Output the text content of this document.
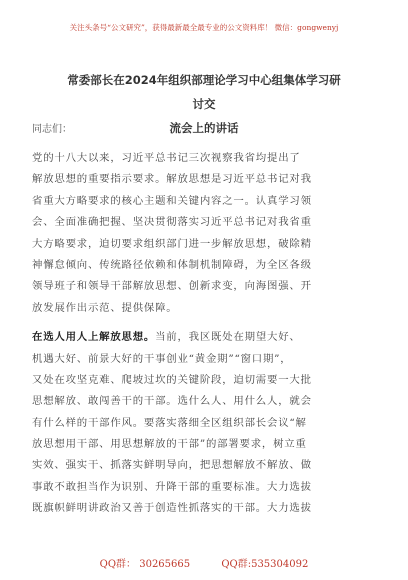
关注头条号“公文研究”，获得最新最全最专业的公文资料库！ 微信：gongwenyj
常委部长在2024年组织部理论学习中心组集体学习研讨交
流会上的讲话
同志们：
党的十八大以来，习近平总书记三次视察我省均提出了
解放思想的重要指示要求。解放思想是习近平总书记对我
省重大方略要求的核心主题和关键内容之一。认真学习领
会、全面准确把握、坚决贯彻落实习近平总书记对我省重
大方略要求，迫切要求组织部门进一步解放思想，破除精
神懈怠倾向、传统路径依赖和体制机制障碍，为全区各级
领导班子和领导干部解放思想、创新求变，向海图强、开
放发展作出示范、提供保障。
在选人用人上解放思想。当前，我区既处在期望大好、
机遇大好、前景大好的干事创业“黄金期”“窗口期”，
又处在攻坚克难、爬坡过坎的关键阶段，迫切需要一大批
思想解放、敢闯善干的干部。选什么人、用什么人，就会
有什么样的干部作风。要落实落细全区组织部长会议“解
放思想用干部、用思想解放的干部”的部署要求，树立重
实效、强实干、抓落实鲜明导向，把思想解放不解放、做
事敢不敢担当作为识别、升降干部的重要标准。大力选拔
既旗帜鲜明讲政治又善于创造性抓落实的干部。大力选拔
QQ群： 30265665	QQ群:535304092
